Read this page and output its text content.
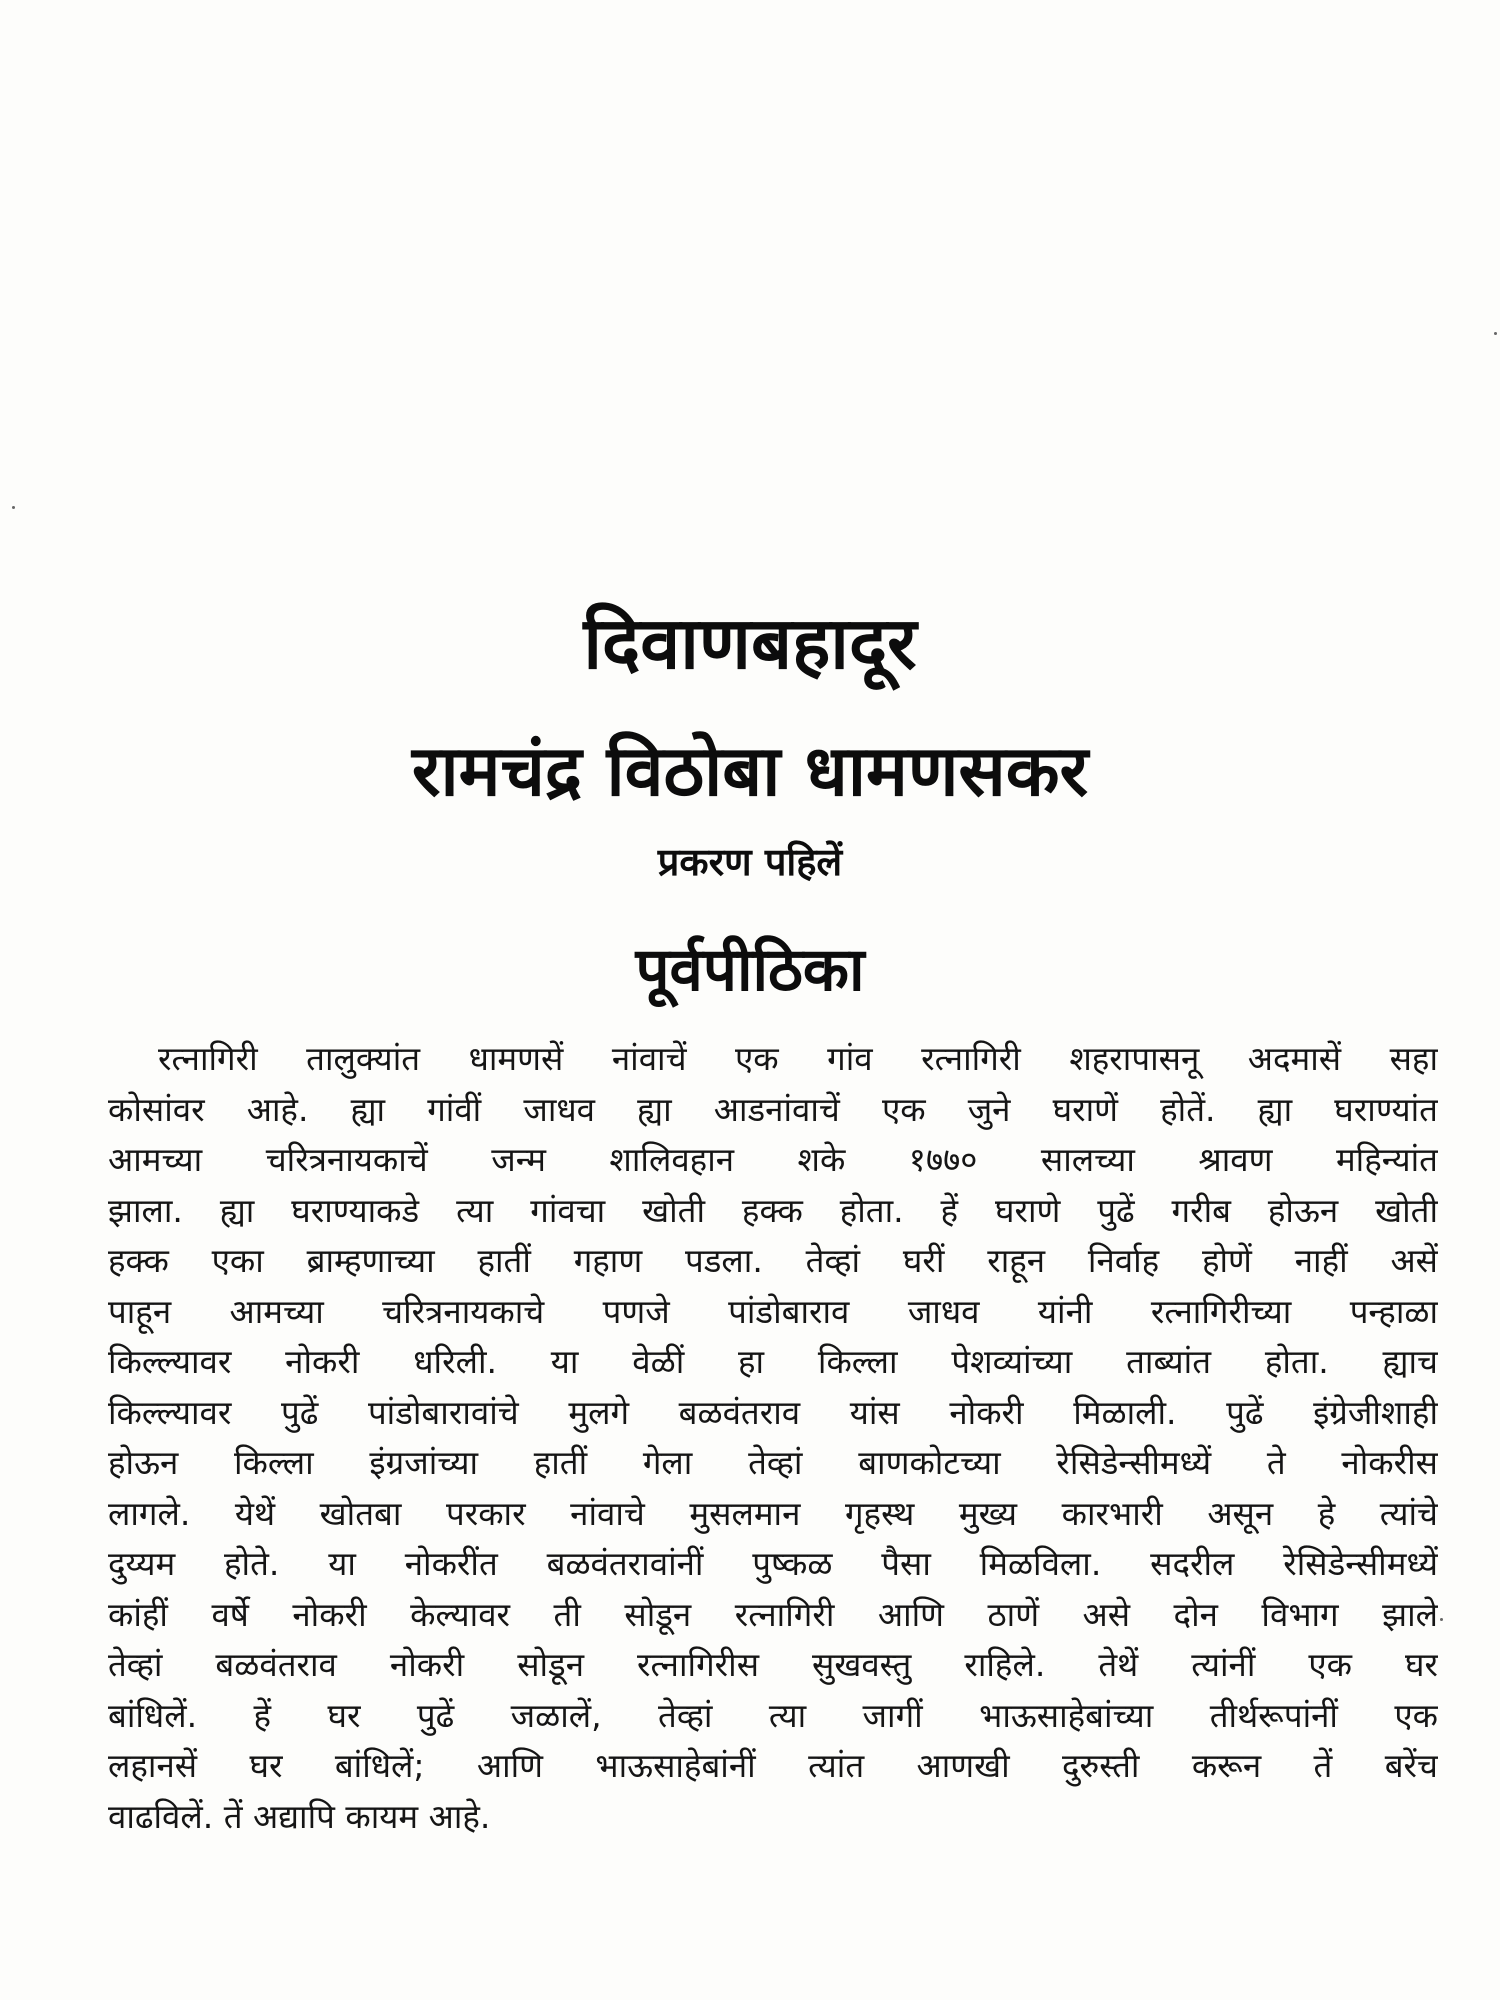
दिवाणबहादूर
रामचंद्र विठोबा धामणसकर
प्रकरण पहिलें
पूर्वपीठिका
रत्नागिरी तालुक्यांत धामणसें नांवाचें एक गांव रत्नागिरी शहरापासनू अदमासें सहा
कोसांवर आहे. ह्या गांवीं जाधव ह्या आडनांवाचें एक जुने घराणें होतें. ह्या घराण्यांत
आमच्या चरित्रनायकाचें जन्म शालिवहान शके १७७० सालच्या श्रावण महिन्यांत
झाला. ह्या घराण्याकडे त्या गांवचा खोती हक्क होता. हें घराणे पुढें गरीब होऊन खोती
हक्क एका ब्राम्हणाच्या हातीं गहाण पडला. तेव्हां घरीं राहून निर्वाह होणें नाहीं असें
पाहून आमच्या चरित्रनायकाचे पणजे पांडोबाराव जाधव यांनी रत्नागिरीच्या पन्हाळा
किल्ल्यावर नोकरी धरिली. या वेळीं हा किल्ला पेशव्यांच्या ताब्यांत होता. ह्याच
किल्ल्यावर पुढें पांडोबारावांचे मुलगे बळवंतराव यांस नोकरी मिळाली. पुढें इंग्रेजीशाही
होऊन किल्ला इंग्रजांच्या हातीं गेला तेव्हां बाणकोटच्या रेसिडेन्सीमध्यें ते नोकरीस
लागले. येथें खोतबा परकार नांवाचे मुसलमान गृहस्थ मुख्य कारभारी असून हे त्यांचे
दुय्यम होते. या नोकरींत बळवंतरावांनीं पुष्कळ पैसा मिळविला. सदरील रेसिडेन्सीमध्यें
कांहीं वर्षे नोकरी केल्यावर ती सोडून रत्नागिरी आणि ठाणें असे दोन विभाग झाले
तेव्हां बळवंतराव नोकरी सोडून रत्नागिरीस सुखवस्तु राहिले. तेथें त्यांनीं एक घर
बांधिलें. हें घर पुढें जळालें, तेव्हां त्या जागीं भाऊसाहेबांच्या तीर्थरूपांनीं एक
लहानसें घर बांधिलें; आणि भाऊसाहेबांनीं त्यांत आणखी दुरुस्ती करून तें बरेंच
वाढविलें. तें अद्यापि कायम आहे.
